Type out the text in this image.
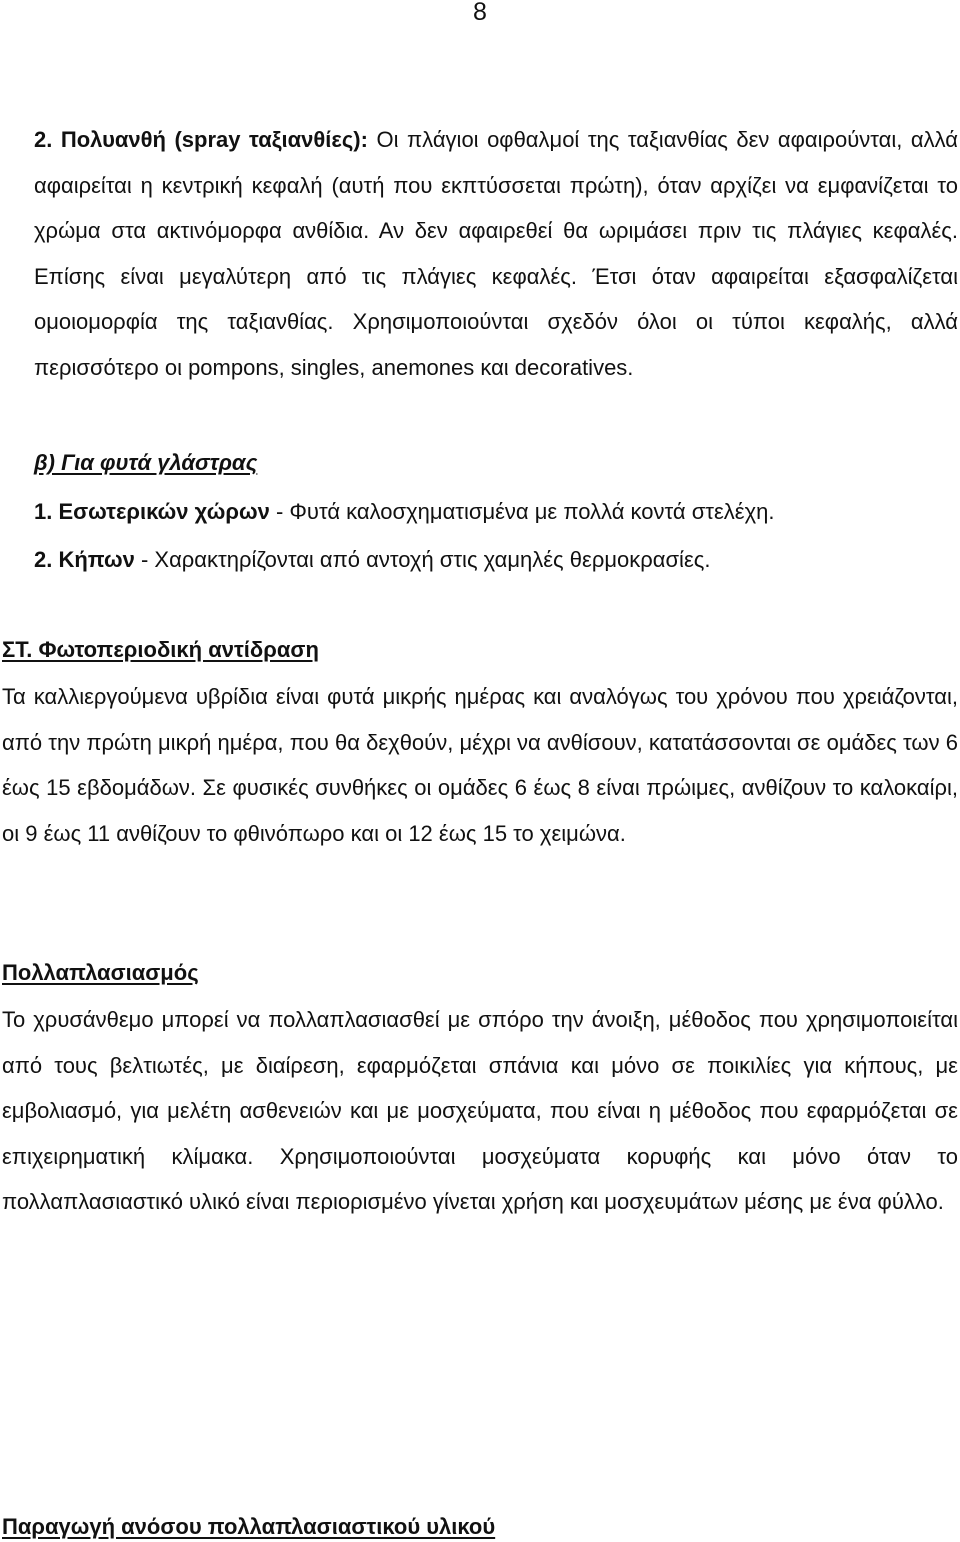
8
2. Πολυανθή (spray ταξιανθίες): Οι πλάγιοι οφθαλμοί της ταξιανθίας δεν αφαιρούνται, αλλά αφαιρείται η κεντρική κεφαλή (αυτή που εκπτύσσεται πρώτη), όταν αρχίζει να εμφανίζεται το χρώμα στα ακτινόμορφα ανθίδια. Αν δεν αφαιρεθεί θα ωριμάσει πριν τις πλάγιες κεφαλές. Επίσης είναι μεγαλύτερη από τις πλάγιες κεφαλές. Έτσι όταν αφαιρείται εξασφαλίζεται ομοιομορφία της ταξιανθίας. Χρησιμοποιούνται σχεδόν όλοι οι τύποι κεφαλής, αλλά περισσότερο οι pompons, singles, anemones και decoratives.
β) Για φυτά γλάστρας
1. Εσωτερικών χώρων - Φυτά καλοσχηματισμένα με πολλά κοντά στελέχη.
2. Κήπων - Χαρακτηρίζονται από αντοχή στις χαμηλές θερμοκρασίες.
ΣΤ. Φωτοπεριοδική αντίδραση
Τα καλλιεργούμενα υβρίδια είναι φυτά μικρής ημέρας και αναλόγως του χρόνου που χρειάζονται, από την πρώτη μικρή ημέρα, που θα δεχθούν, μέχρι να ανθίσουν, κατατάσσονται σε ομάδες των 6 έως 15 εβδομάδων. Σε φυσικές συνθήκες οι ομάδες 6 έως 8 είναι πρώιμες, ανθίζουν το καλοκαίρι, οι 9 έως 11 ανθίζουν το φθινόπωρο και οι 12 έως 15 το χειμώνα.
Πολλαπλασιασμός
Το χρυσάνθεμο μπορεί να πολλαπλασιασθεί με σπόρο την άνοιξη, μέθοδος που χρησιμοποιείται από τους βελτιωτές, με διαίρεση, εφαρμόζεται σπάνια και μόνο σε ποικιλίες για κήπους, με εμβολιασμό, για μελέτη ασθενειών και με μοσχεύματα, που είναι η μέθοδος που εφαρμόζεται σε επιχειρηματική κλίμακα. Χρησιμοποιούνται μοσχεύματα κορυφής και μόνο όταν το πολλαπλασιαστικό υλικό είναι περιορισμένο γίνεται χρήση και μοσχευμάτων μέσης με ένα φύλλο.
Παραγωγή ανόσου πολλαπλασιαστικού υλικού
